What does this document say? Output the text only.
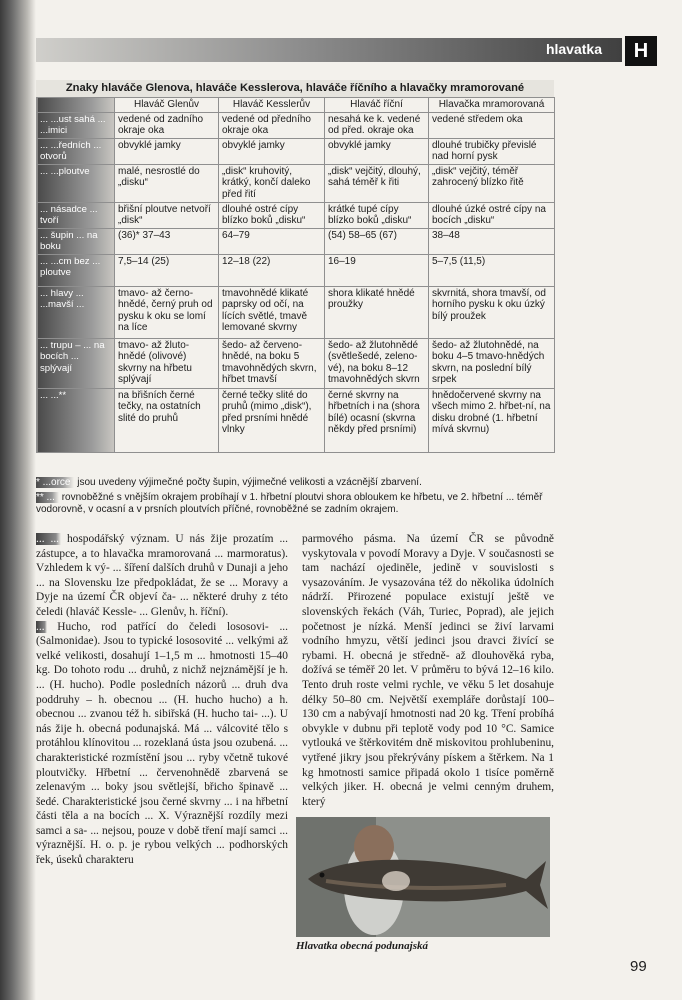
hlavatka	H
Znaky hlaváče Glenova, hlaváče Kesslerova, hlaváče říčního a hlavačky mramorované
	Hlaváč Glenův	Hlaváč Kesslerův	Hlaváč říční	Hlavačka mramorovaná
... ...ust sahá ... ...imici	vedené od zadního okraje oka	vedené od předního okraje oka	nesahá ke k. vedené od před. okraje oka	vedené středem oka
... ...ředních ... otvorů	obvyklé jamky	obvyklé jamky	obvyklé jamky	dlouhé trubičky převislé nad horní pysk
... ...ploutve	malé, nesrostlé do „disku“	„disk“ kruhovitý, krátký, končí daleko před řití	„disk“ vejčitý, dlouhý, sahá téměř k řiti	„disk“ vejčitý, téměř zahrocený blízko řitě
... násadce ... tvoří	břišní ploutve netvoří „disk“	dlouhé ostré cípy blízko boků „disku“	krátké tupé cípy blízko boků „disku“	dlouhé úzké ostré cípy na bocích „disku“
... šupin ... na boku	(36)* 37–43	64–79	(54) 58–65 (67)	38–48
... ...cm bez ... ploutve	7,5–14 (25)	12–18 (22)	16–19	5–7,5 (11,5)
... hlavy ... ...mavší ...	tmavo- až černo-hnědé, černý pruh od pysku k oku se lomí na líce	tmavohnědé klikaté paprsky od očí, na lících světlé, tmavě lemované skvrny	shora klikaté hnědé proužky	skvrnitá, shora tmavší, od horního pysku k oku úzký bílý proužek
... trupu – ... na bocích ... splývají	tmavo- až žluto-hnědé (olivové) skvrny na hřbetu splývají	šedo- až červeno-hnědé, na boku 5 tmavohnědých skvrn, hřbet tmavší	šedo- až žlutohnědé (světlešedé, zeleno-vé), na boku 8–12 tmavohnědých skvrn	šedo- až žlutohnědé, na boku 4–5 tmavo-hnědých skvrn, na poslední bílý srpek
... ...**	na břišních černé tečky, na ostatních slité do pruhů	černé tečky slité do pruhů (mimo „disk“), před prsními hnědé vlnky	černé skvrny na hřbetních i na (shora bílé) ocasní (skvrna někdy před prsními)	hnědočervené skvrny na všech mimo 2. hřbet-ní, na disku drobné (1. hřbetní mívá skvrnu)
* ...orce jsou uvedeny výjimečné počty šupin, výjimečné velikosti a vzácnější zbarvení.
** ... rovnoběžné s vnějším okrajem probíhají v 1. hřbetní ploutvi shora obloukem ke hřbetu, ve 2. hřbetní ... téměř vodorovně, v ocasní a v prsních ploutvích příčné, rovnoběžné se zadním okrajem.

... ... hospodářský význam. U nás žije prozatím ... zástupce, a to hlavačka mramorovaná ... marmoratus). Vzhledem k vý- ... šíření dalších druhů v Dunaji a jeho ... na Slovensku lze předpokládat, že se ... Moravy a Dyje na území ČR objeví ča- ... některé druhy z této čeledi (hlaváč Kessle- ... Glenův, h. říční).

... Hucho, rod patřící do čeledi lososovi- ... (Salmonidae). Jsou to typické lososovité ... velkými až velké velikosti, dosahují 1–1,5 m ... hmotnosti 15–40 kg. Do tohoto rodu ... druhů, z nichž nejznámější je h. ... (H. hucho). Podle posledních názorů ... druh dva poddruhy – h. obecnou ... (H. hucho hucho) a h. obecnou ... zvanou též h. sibiřská (H. hucho tai- ...). U nás žije h. obecná podunajská. Má ... válcovité tělo s protáhlou klínovitou ... rozeklaná ústa jsou ozubená. ... charakteristické rozmístění jsou ... ryby včetně tukové ploutvičky. Hřbetní ... červenohnědě zbarvená se zelenavým ... boky jsou světlejší, břicho špinavě ... šedé. Charakteristické jsou černé skvrny ... i na hřbetní části těla a na bocích ... X. Výraznější rozdíly mezi samci a sa- ... nejsou, pouze v době tření mají samci ... výraznější. H. o. p. je rybou velkých ... podhorských řek, úseků charakteru

parmového pásma. Na území ČR se původně vyskytovala v povodí Moravy a Dyje. V současnosti se tam nachází ojediněle, jedině v souvislosti s vysazováním. Je vysazována též do několika údolních nádrží. Přirozené populace existují ještě ve slovenských řekách (Váh, Turiec, Poprad), ale jejich početnost je nízká. Menší jedinci se živí larvami vodního hmyzu, větší jedinci jsou dravci živící se rybami. H. obecná je středně- až dlouhověká ryba, dožívá se téměř 20 let. V průměru to bývá 12–16 kilo. Tento druh roste velmi rychle, ve věku 5 let dosahuje délky 50–80 cm. Největší exempláře dorůstají 100–130 cm a nabývají hmotnosti nad 20 kg. Tření probíhá obvykle v dubnu při teplotě vody pod 10 °C. Samice vytlouká ve štěrkovitém dně miskovitou prohlubeninu, vytřené jikry jsou překrývány pískem a štěrkem. Na 1 kg hmotnosti samice připadá okolo 1 tisíce poměrně velkých jiker. H. obecná je velmi cenným druhem, který

Hlavatka obecná podunajská
99
